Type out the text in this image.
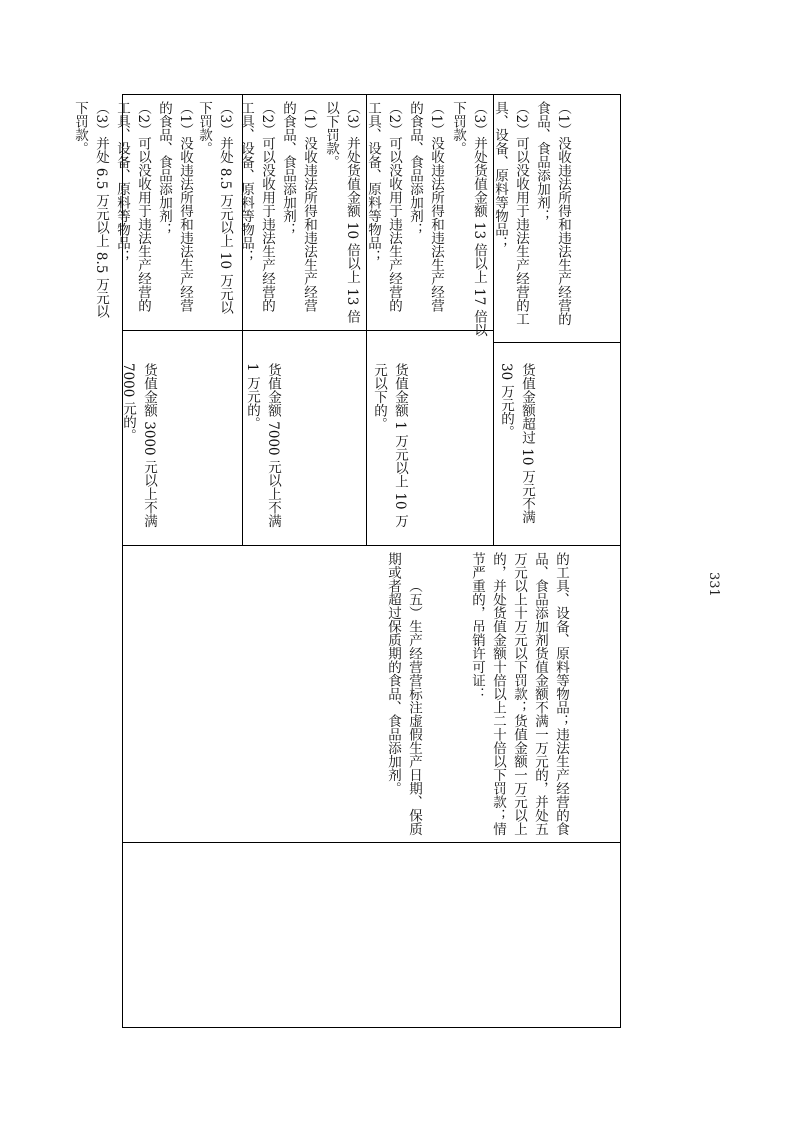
的工具、设备、原料等物品；违法生产经营的食品、食品添加剂货值金额不满一万元的，并处五万元以上十万元以下罚款；货值金额一万元以上的，并处货值金额十倍以上二十倍以下罚款；情节严重的，吊销许可证：

（五）生产经营营标注虚假生产日期、保质期或者超过保质期的食品、食品添加剂。

货值金额 3000 元以上不满 7000 元的。

（1）没收违法所得和违法生产经营的食品、食品添加剂；
（2）可以没收用于违法生产经营的工具、设备、原料等物品；
（3）并处 6.5 万元以上 8.5 万元以下罚款。

货值金额 7000 元以上不满 1 万元的。

（1）没收违法所得和违法生产经营的食品、食品添加剂；
（2）可以没收用于违法生产经营的工具、设备、原料等物品；
（3）并处 8.5 万元以上 10 万元以下罚款。

货值金额 1 万元以上 10 万元以下的。

（1）没收违法所得和违法生产经营的食品、食品添加剂；
（2）可以没收用于违法生产经营的工具、设备、原料等物品；
（3）并处货值金额 10 倍以上 13 倍以下罚款。

货值金额超过 10 万元不满 30 万元的。

（1）没收违法所得和违法生产经营的食品、食品添加剂；
（2）可以没收用于违法生产经营的工具、设备、原料等物品；
（3）并处货值金额 13 倍以上 17 倍以下罚款。

331
